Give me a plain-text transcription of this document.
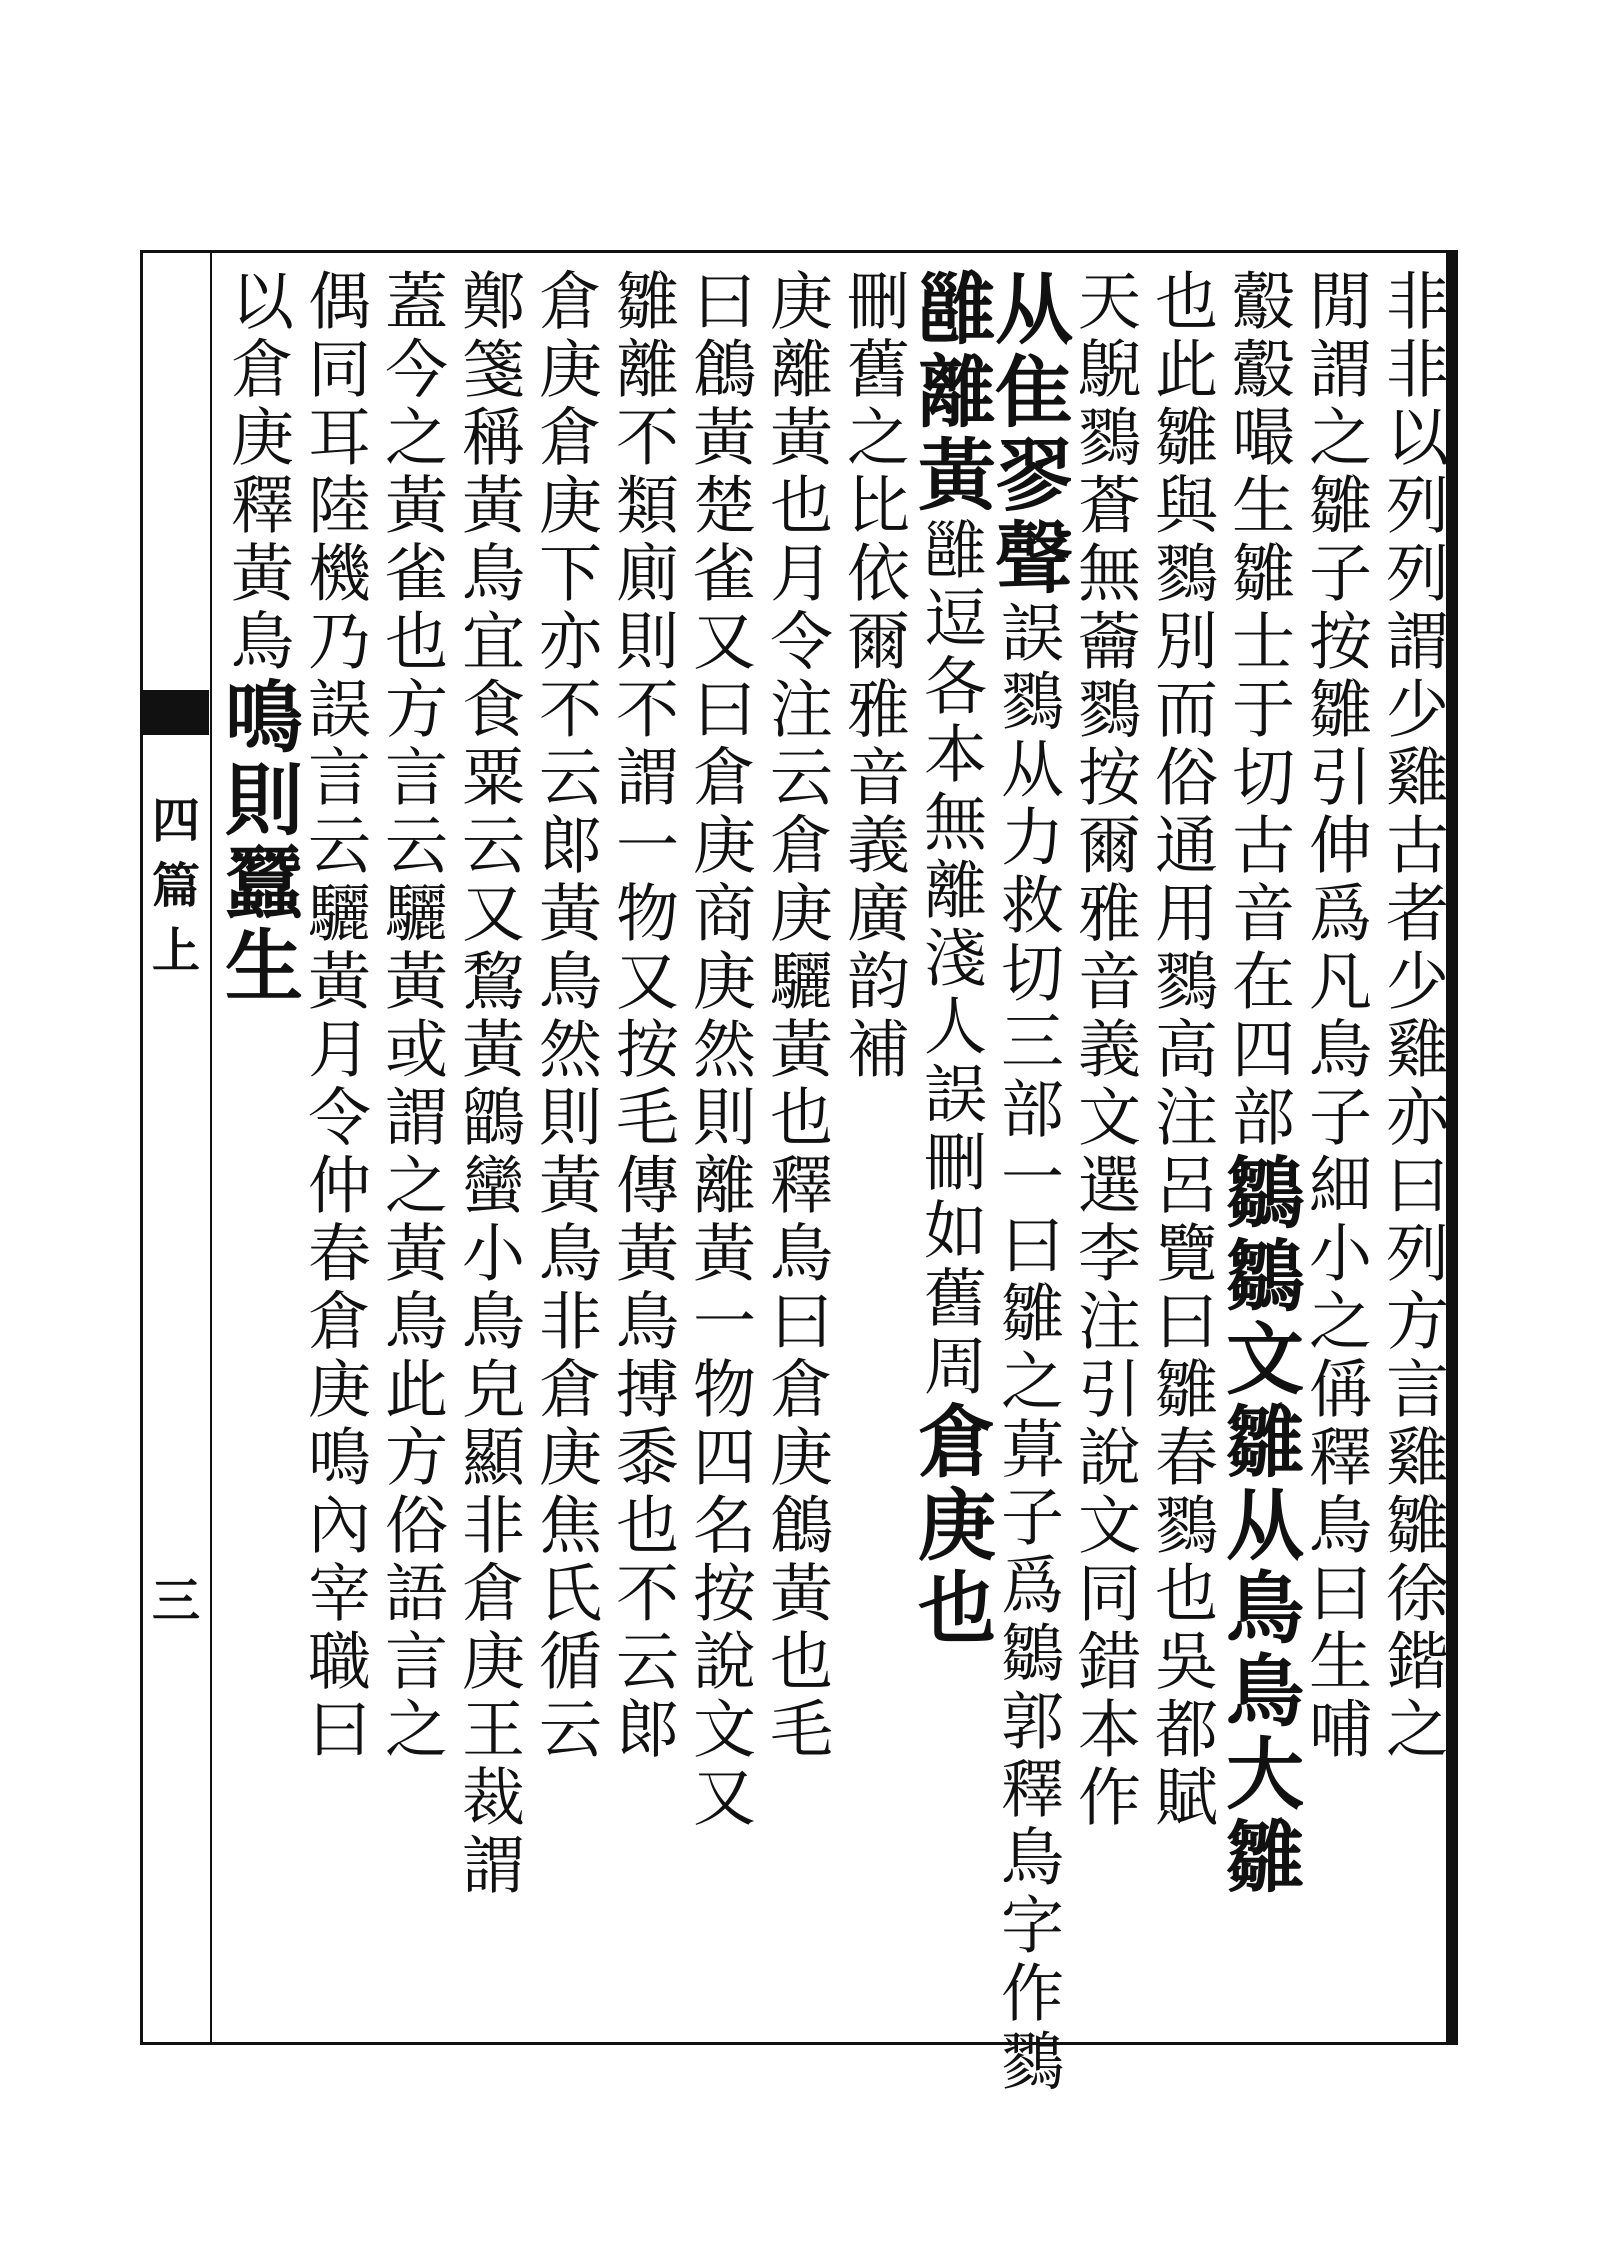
四
篇
上
三	非非以列列謂少雞古者少雞亦曰列方言雞雛徐鍇之
閒謂之雛子按雛引伸爲凡鳥子細小之偁釋鳥曰生哺
鷇鷇嘬生雛士于切古音在四部鶵鶵文雛从鳥鳥大雛
也此雛與鷚別而俗通用鷚高注呂覽曰雛春鷚也吳都賦
天鶃鷚蒼無蘥鷚按爾雅音義文選李注引說文同錯本作
从隹翏聲誤鷚从力救切三部一曰雛之萛子爲鶵郭釋鳥字作鷚
雝離黃雝逗各本無離淺人誤刪如舊周倉庚也
刪舊之比依爾雅音義廣韵補
庚離黃也月令注云倉庚驪黃也釋鳥曰倉庚鶬黃也毛
曰鶬黃楚雀又曰倉庚商庚然則離黃一物四名按說文又
雛離不類廁則不謂一物又按毛傳黃鳥搏黍也不云郞
倉庚倉庚下亦不云郞黃鳥然則黃鳥非倉庚焦氏循云
鄭箋稱黃鳥宜食粟云又鵹黃鶹蠻小鳥皃顯非倉庚王裁謂
蓋今之黃雀也方言云驪黃或謂之黃鳥此方俗語言之
偶同耳陸機乃誤言云驪黃月令仲春倉庚鳴內宰職曰
以倉庚釋黃鳥鳴則蠶生
